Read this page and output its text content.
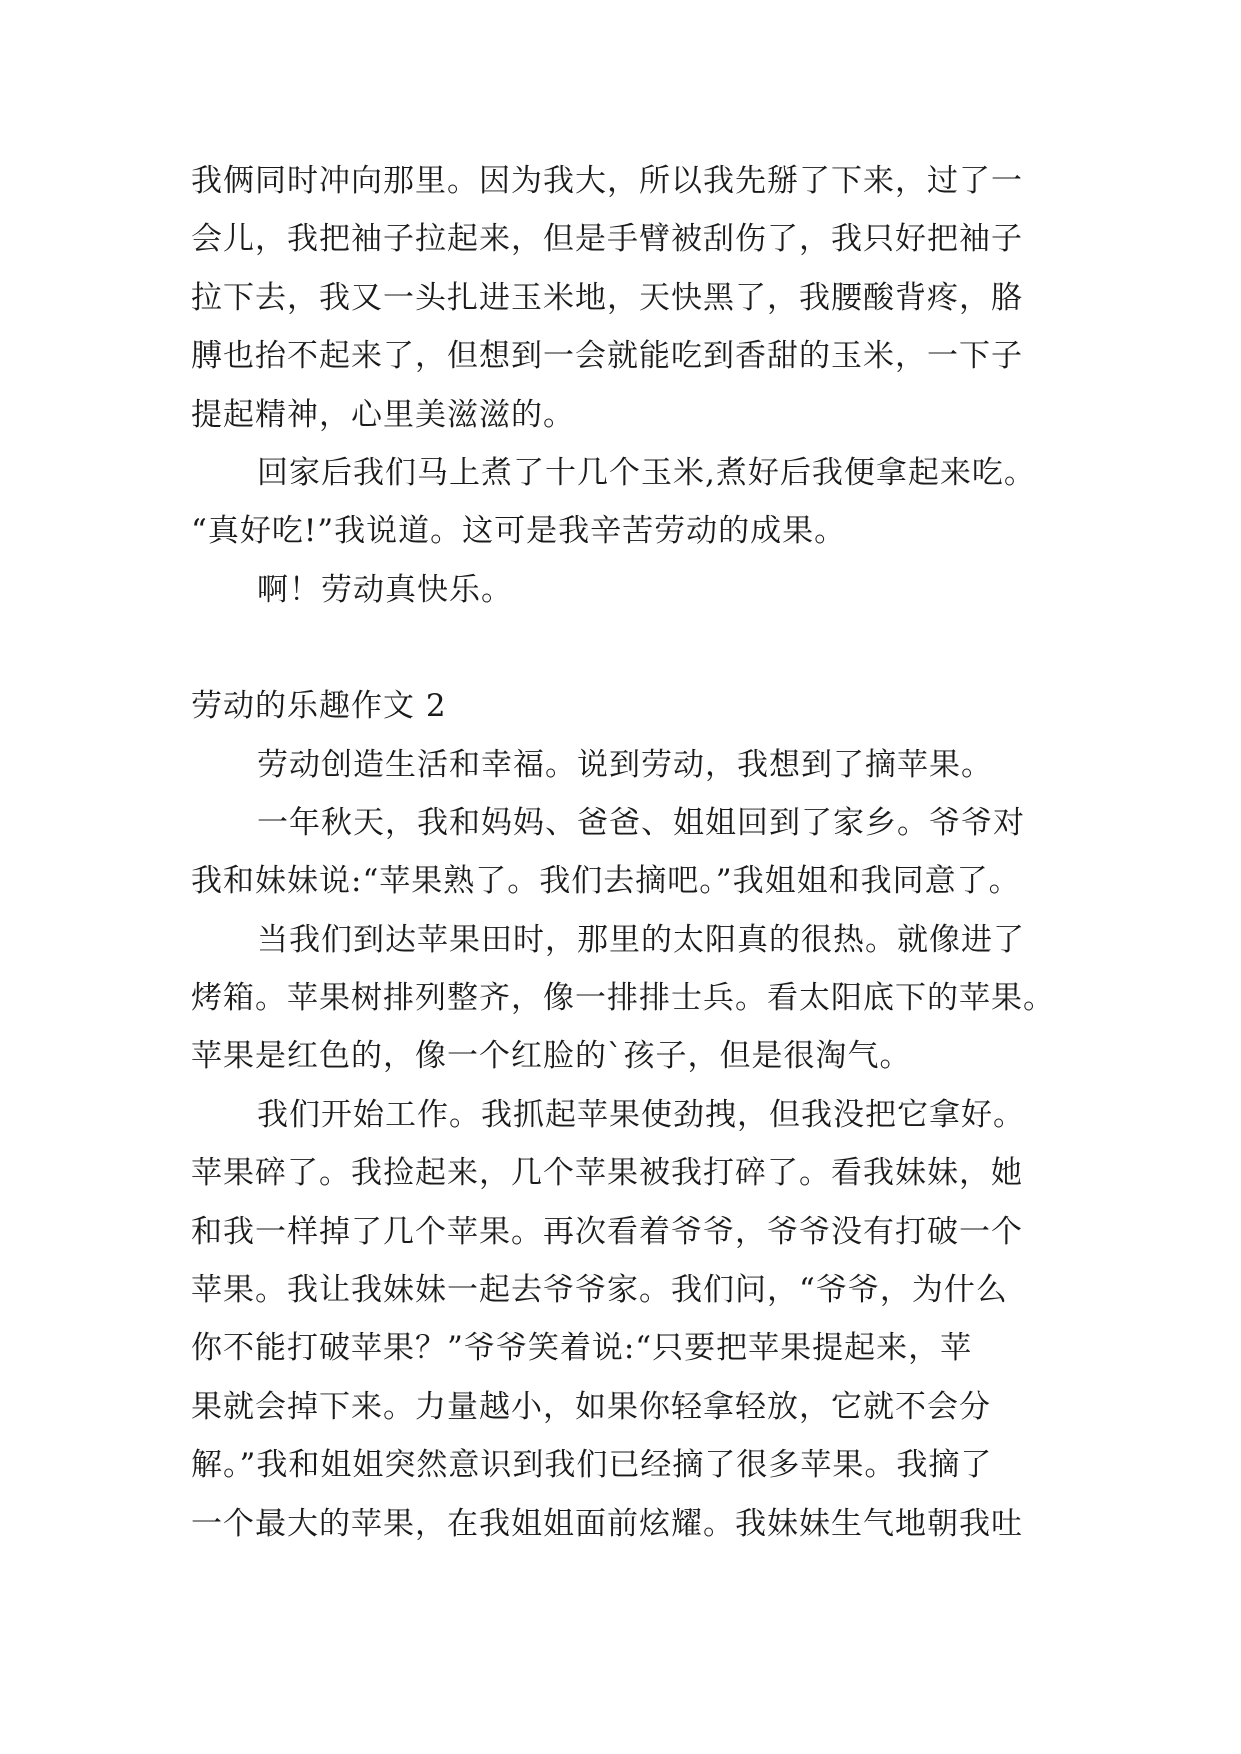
我俩同时冲向那里。因为我大，所以我先掰了下来，过了一
会儿，我把袖子拉起来，但是手臂被刮伤了，我只好把袖子
拉下去，我又一头扎进玉米地，天快黑了，我腰酸背疼，胳
膊也抬不起来了，但想到一会就能吃到香甜的玉米，一下子
提起精神，心里美滋滋的。
回家后我们马上煮了十几个玉米,煮好后我便拿起来吃。
“真好吃!”我说道。这可是我辛苦劳动的成果。
啊！劳动真快乐。
劳动的乐趣作文 2
劳动创造生活和幸福。说到劳动，我想到了摘苹果。
一年秋天，我和妈妈、爸爸、姐姐回到了家乡。爷爷对
我和妹妹说:“苹果熟了。我们去摘吧。”我姐姐和我同意了。
当我们到达苹果田时，那里的太阳真的很热。就像进了
烤箱。苹果树排列整齐，像一排排士兵。看太阳底下的苹果。
苹果是红色的，像一个红脸的`孩子，但是很淘气。
我们开始工作。我抓起苹果使劲拽，但我没把它拿好。
苹果碎了。我捡起来，几个苹果被我打碎了。看我妹妹，她
和我一样掉了几个苹果。再次看着爷爷，爷爷没有打破一个
苹果。我让我妹妹一起去爷爷家。我们问，“爷爷，为什么
你不能打破苹果？”爷爷笑着说:“只要把苹果提起来，苹
果就会掉下来。力量越小，如果你轻拿轻放，它就不会分
解。”我和姐姐突然意识到我们已经摘了很多苹果。我摘了
一个最大的苹果，在我姐姐面前炫耀。我妹妹生气地朝我吐
